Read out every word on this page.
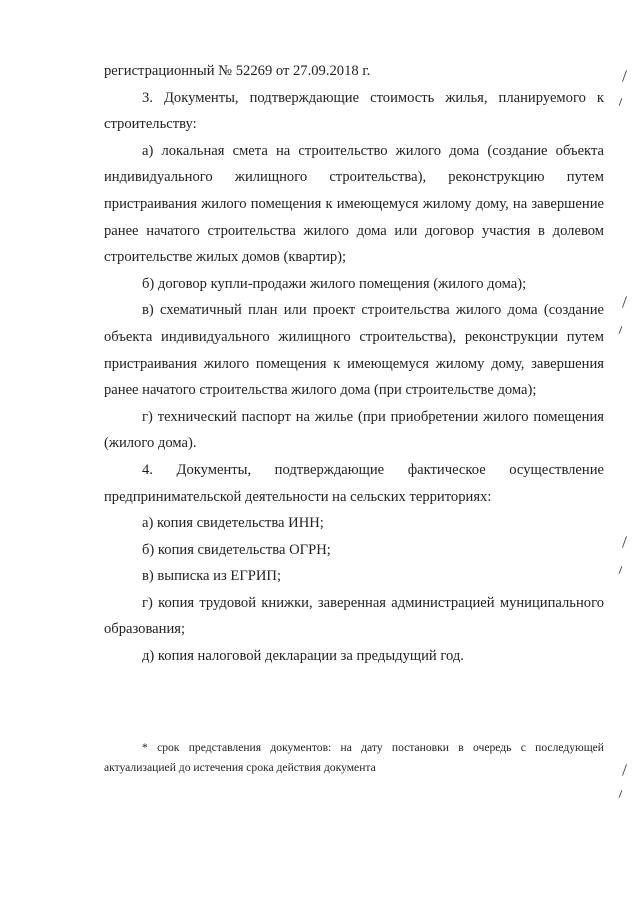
регистрационный № 52269 от 27.09.2018 г.

3. Документы, подтверждающие стоимость жилья, планируемого к строительству:

а) локальная смета на строительство жилого дома (создание объекта индивидуального жилищного строительства), реконструкцию путем пристраивания жилого помещения к имеющемуся жилому дому, на завершение ранее начатого строительства жилого дома или договор участия в долевом строительстве жилых домов (квартир);

б) договор купли-продажи жилого помещения (жилого дома);

в) схематичный план или проект строительства жилого дома (создание объекта индивидуального жилищного строительства), реконструкции путем пристраивания жилого помещения к имеющемуся жилому дому, завершения ранее начатого строительства жилого дома (при строительстве дома);

г) технический паспорт на жилье (при приобретении жилого помещения (жилого дома).

4. Документы, подтверждающие фактическое осуществление предпринимательской деятельности на сельских территориях:

а) копия свидетельства ИНН;

б) копия свидетельства ОГРН;

в) выписка из ЕГРИП;

г) копия трудовой книжки, заверенная администрацией муниципального образования;

д) копия налоговой декларации за предыдущий год.

* срок представления документов: на дату постановки в очередь с последующей актуализацией до истечения срока действия документа
